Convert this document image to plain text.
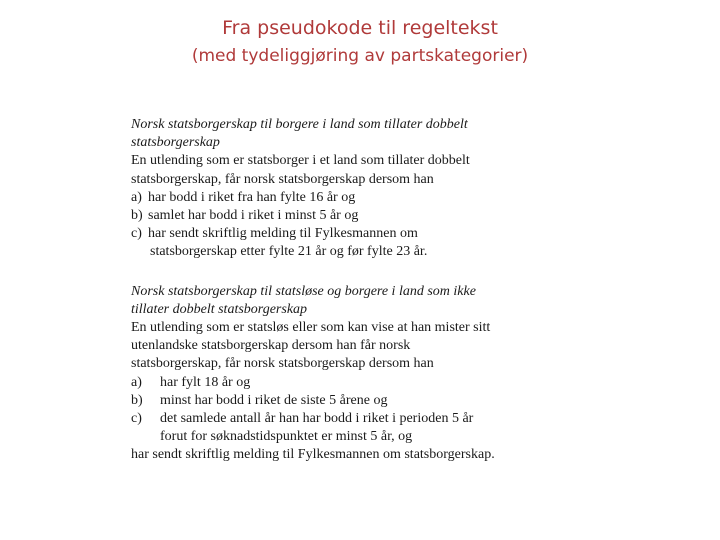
Fra pseudokode til regeltekst
(med tydeliggjøring av partskategorier)
Norsk statsborgerskap til borgere i land som tillater dobbelt
statsborgerskap
En utlending som er statsborger i et land som tillater dobbelt
statsborgerskap, får norsk statsborgerskap dersom han
a) har bodd i riket fra han fylte 16 år og
b) samlet har bodd i riket i minst 5 år og
c) har sendt skriftlig melding til Fylkesmannen om
statsborgerskap etter fylte 21 år og før fylte 23 år.
Norsk statsborgerskap til statsløse og borgere i land som ikke
tillater dobbelt statsborgerskap
En utlending som er statsløs eller som kan vise at han mister sitt
utenlandske statsborgerskap dersom han får norsk
statsborgerskap, får norsk statsborgerskap dersom han
a)	har fylt 18 år og
b)	minst har bodd i riket de siste 5 årene og
c)	det samlede antall år han har bodd i riket i perioden 5 år
forut for søknadstidspunktet er minst 5 år, og
har sendt skriftlig melding til Fylkesmannen om statsborgerskap.
